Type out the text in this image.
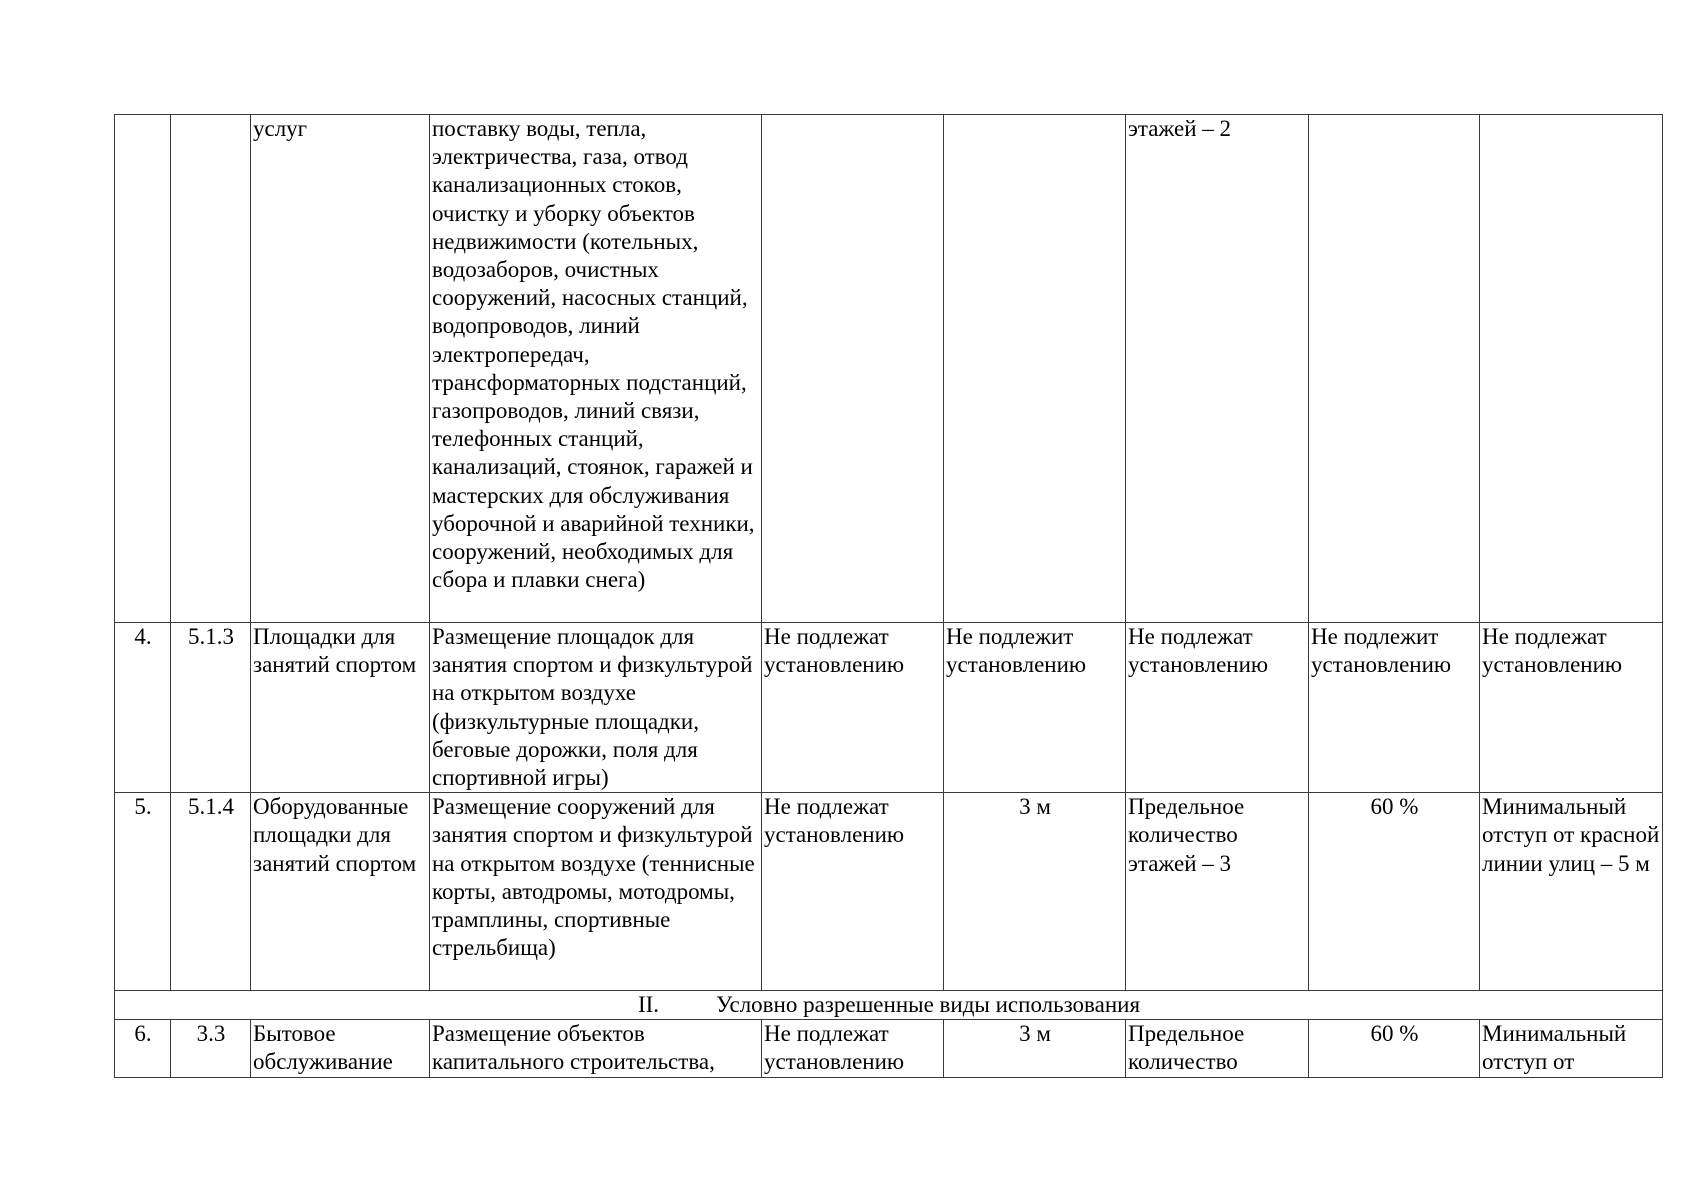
		услуг	поставку воды, тепла, электричества, газа, отвод канализационных стоков, очистку и уборку объектов недвижимости (котельных, водозаборов, очистных сооружений, насосных станций, водопроводов, линий электропередач, трансформаторных подстанций, газопроводов, линий связи, телефонных станций, канализаций, стоянок, гаражей и мастерских для обслуживания уборочной и аварийной техники, сооружений, необходимых для сбора и плавки снега)			этажей – 2		
4.	5.1.3	Площадки для занятий спортом	Размещение площадок для занятия спортом и физкультурой на открытом воздухе (физкультурные площадки, беговые дорожки, поля для спортивной игры)	Не подлежат установлению	Не подлежит установлению	Не подлежат установлению	Не подлежит установлению	Не подлежат установлению
5.	5.1.4	Оборудованные площадки для занятий спортом	Размещение сооружений для занятия спортом и физкультурой на открытом воздухе (теннисные корты, автодромы, мотодромы, трамплины, спортивные стрельбища)	Не подлежат установлению	3 м	Предельное количество этажей – 3	60 %	Минимальный отступ от красной линии улиц – 5 м
II. Условно разрешенные виды использования								
6.	3.3	Бытовое обслуживание	Размещение объектов капитального строительства,	Не подлежат установлению	3 м	Предельное количество	60 %	Минимальный отступ от
